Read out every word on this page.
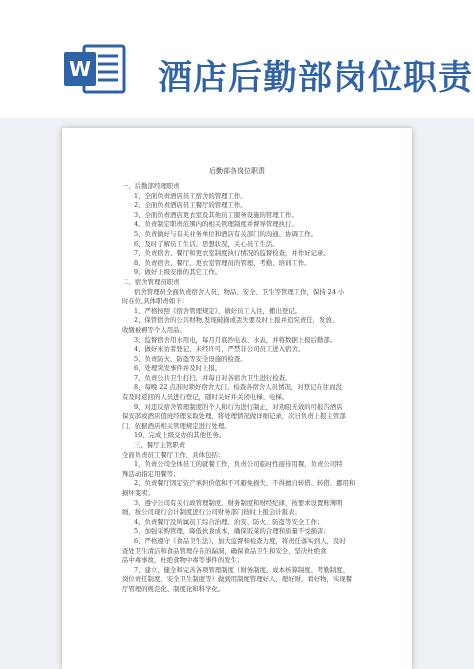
W 酒店后勤部岗位职责
后勤部各岗位职责

一、后勤部经理职责

1、全面负责酒店员工宿舍的管理工作。

2、全面负责酒店员工餐厅的管理工作。

3、全面负责酒店更衣室及其他员工服务设施的管理工作。

4、负责制定职责范围内的相关管理制度并督导管理执行。

5、负责做好与有关业务单位和酒店有关部门的沟通、协调工作。

6、及时了解员工生活、思想状况，关心员工生活。

7、负责宿舍、餐厅和更衣室制度执行情况的监督检查，并作好记录。

8、负责宿舍、餐厅、更衣室管理员的管理、考勤、培训工作。

9、做好上级安排的其它工作。

二、宿舍管理员职责

宿舍管理员全面负责宿舍人员、物品、安全、卫生等管理工作，保持 24 小

时在位,具体职责如下：

1、严格按照《宿舍管理规定》，做好员工入住，搬出登记。

2、保管宿舍的公共财物,发现破损或丢失要及时上报并追究责任，发放、

收缴被褥等个人用品。

3、监督宿舍用水用电，每月月底抄电表、水表，并将数据上报后勤部。

4、做好来访者登记，未经许可，严禁非公司员工进入宿舍。

5、负责防火、防盗等安全设施的检查。

6、处理突发事件并及时上报。

7、负责公共卫生打扫，并每日对各宿舍卫生进行检查。

8、每晚 22 点准时锁好宿舍大门，检查各宿舍人员情况，对登记在住而没

有及时返回的人员进行登记，随时关好并关闭电梯、电梯。

9、对违反宿舍管理制度的个人和行为进行制止，对劝阻无效的可报告酒店

保安部或酒店值班经理采取处理，将处理情况做详细记录，次日负责上报主管部

门，依据酒店相关管理规定进行处理。

10、完成上级交办的其他任务。

三、餐厅主管职责

全面负责员工餐厅工作，具体包括：

1、负责公司全体员工的就餐工作，负责公司临时性接待用餐，负责公司特

殊活动指定用餐等；

2、负责餐厅固定资产承担价值和不可避免损失，不得擅自转借、转借、挪用和

损坏变卖；

3、遵守公司有关行政管理制度，财务制度和财经纪律，按要求设置账簿明

细，按公司现行会计制度进行公司财务部门按时上报会计报表；

4、负责餐厅及所属员工综合治理、治安、防火、防盗等安全工作；

5、加强采购管理，降低伙食成本，确保饭菜的合理和质量不受损害；

6、严格遵守《食品卫生法》，加大监督和检查力度，将责任落实到人，及时

查处卫生清洁和食品管理存在的漏洞，确保食品卫生和安全，坚决杜绝食

品中毒事故，杜绝食物中毒等事件的发生；

7、建立、健全和完善各项管理制度（财务制度、成本核算制度、考勤制度、

岗位责任制度、安全卫生制度等）做到用制度管理好人、理好财、看好物，实现餐

厅管理的规范化、制度化和科学化。
